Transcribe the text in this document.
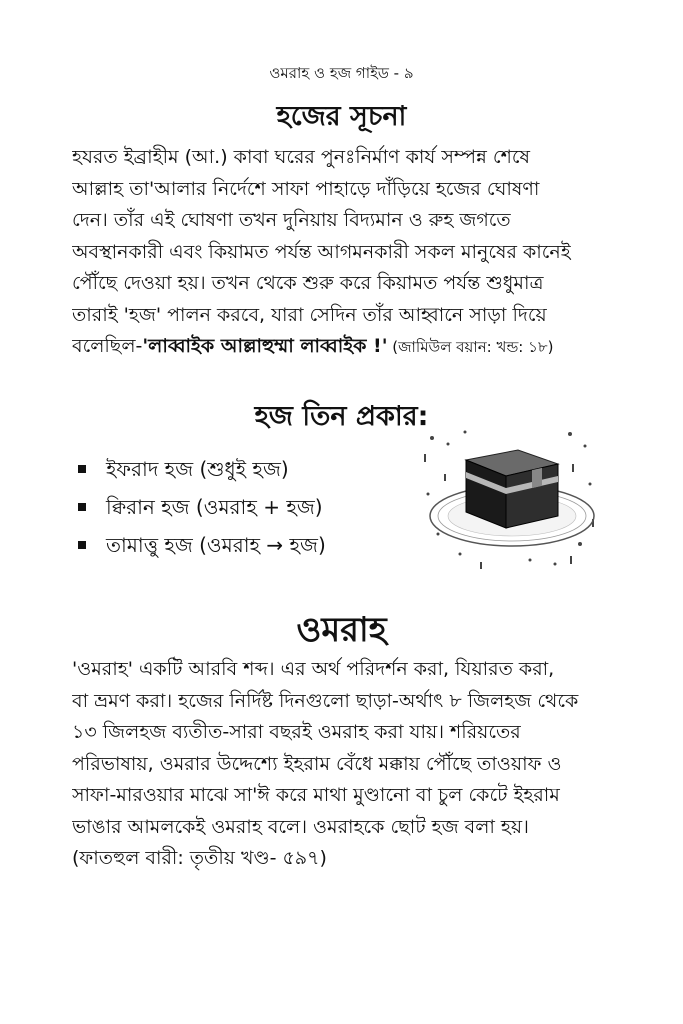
ওমরাহ ও হজ গাইড - ৯
হজের সূচনা
হযরত ইব্রাহীম (আ.) কাবা ঘরের পুনঃনির্মাণ কার্য সম্পন্ন শেষে
আল্লাহ তা'আলার নির্দেশে সাফা পাহাড়ে দাঁড়িয়ে হজের ঘোষণা
দেন। তাঁর এই ঘোষণা তখন দুনিয়ায় বিদ্যমান ও রুহ জগতে
অবস্থানকারী এবং কিয়ামত পর্যন্ত আগমনকারী সকল মানুষের কানেই
পৌঁছে দেওয়া হয়। তখন থেকে শুরু করে কিয়ামত পর্যন্ত শুধুমাত্র
তারাই 'হজ' পালন করবে, যারা সেদিন তাঁর আহ্বানে সাড়া দিয়ে
বলেছিল-'লাব্বাইক আল্লাহুম্মা লাব্বাইক !' (জামিউল বয়ান: খন্ড: ১৮)
হজ তিন প্রকার:
ইফরাদ হজ (শুধুই হজ)
ক্বিরান হজ (ওমরাহ + হজ)
তামাত্তু হজ (ওমরাহ → হজ)
ওমরাহ
'ওমরাহ' একটি আরবি শব্দ। এর অর্থ পরিদর্শন করা, যিয়ারত করা,
বা ভ্রমণ করা। হজের নির্দিষ্ট দিনগুলো ছাড়া-অর্থাৎ ৮ জিলহজ থেকে
১৩ জিলহজ ব্যতীত-সারা বছরই ওমরাহ করা যায়। শরিয়তের
পরিভাষায়, ওমরার উদ্দেশ্যে ইহরাম বেঁধে মক্কায় পৌঁছে তাওয়াফ ও
সাফা-মারওয়ার মাঝে সা'ঈ করে মাথা মুণ্ডানো বা চুল কেটে ইহরাম
ভাঙার আমলকেই ওমরাহ বলে। ওমরাহকে ছোট হজ বলা হয়।
(ফাতহুল বারী: তৃতীয় খণ্ড- ৫৯৭)
